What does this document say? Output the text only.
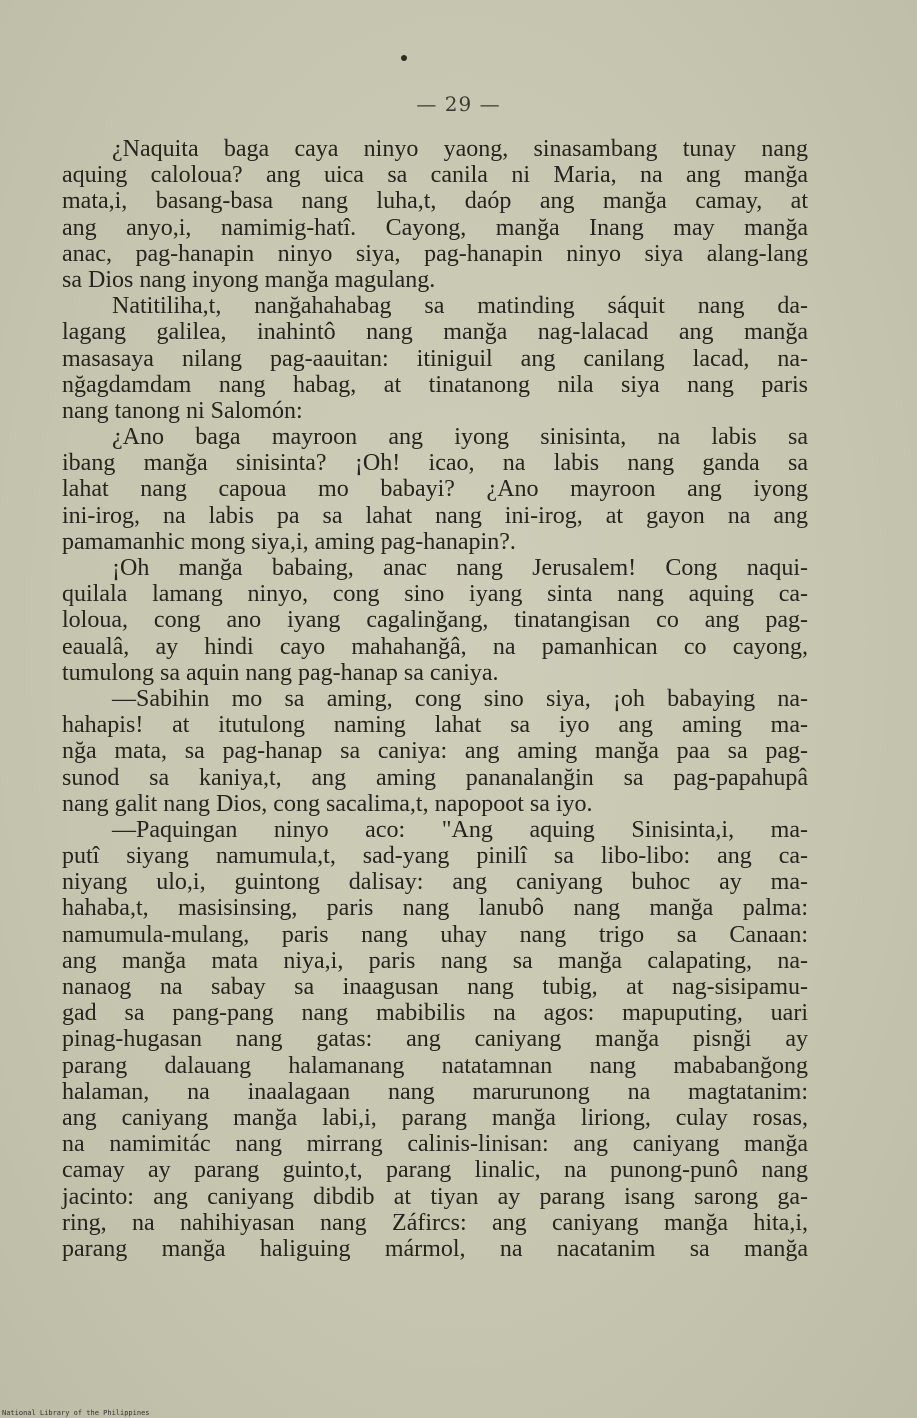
— 29 —
¿Naquita baga caya ninyo yaong, sinasambang tunay nang
aquing caloloua? ang uica sa canila ni Maria, na ang manğa
mata,i, basang-basa nang luha,t, daóp ang manğa camay, at
ang anyo,i, namimig-hatî. Cayong, manğa Inang may manğa
anac, pag-hanapin ninyo siya, pag-hanapin ninyo siya alang-lang
sa Dios nang inyong manğa magulang.
Natitiliha,t, nanğahahabag sa matinding sáquit nang da-
lagang galilea, inahintô nang manğa nag-lalacad ang manğa
masasaya nilang pag-aauitan: itiniguil ang canilang lacad, na-
nğagdamdam nang habag, at tinatanong nila siya nang paris
nang tanong ni Salomón:
¿Ano baga mayroon ang iyong sinisinta, na labis sa
ibang manğa sinisinta? ¡Oh! icao, na labis nang ganda sa
lahat nang capoua mo babayi? ¿Ano mayroon ang iyong
ini-irog, na labis pa sa lahat nang ini-irog, at gayon na ang
pamamanhic mong siya,i, aming pag-hanapin?.
¡Oh manğa babaing, anac nang Jerusalem! Cong naqui-
quilala lamang ninyo, cong sino iyang sinta nang aquing ca-
loloua, cong ano iyang cagalinğang, tinatangisan co ang pag-
eaualâ, ay hindi cayo mahahanğâ, na pamanhican co cayong,
tumulong sa aquin nang pag-hanap sa caniya.
—Sabihin mo sa aming, cong sino siya, ¡oh babaying na-
hahapis! at itutulong naming lahat sa iyo ang aming ma-
nğa mata, sa pag-hanap sa caniya: ang aming manğa paa sa pag-
sunod sa kaniya,t, ang aming pananalanğin sa pag-papahupâ
nang galit nang Dios, cong sacalima,t, napopoot sa iyo.
—Paquingan ninyo aco: "Ang aquing Sinisinta,i, ma-
putî siyang namumula,t, sad-yang pinilî sa libo-libo: ang ca-
niyang ulo,i, guintong dalisay: ang caniyang buhoc ay ma-
hahaba,t, masisinsing, paris nang lanubô nang manğa palma:
namumula-mulang, paris nang uhay nang trigo sa Canaan:
ang manğa mata niya,i, paris nang sa manğa calapating, na-
nanaog na sabay sa inaagusan nang tubig, at nag-sisipamu-
gad sa pang-pang nang mabibilis na agos: mapuputing, uari
pinag-hugasan nang gatas: ang caniyang manğa pisnği ay
parang dalauang halamanang natatamnan nang mababanğong
halaman, na inaalagaan nang marurunong na magtatanim:
ang caniyang manğa labi,i, parang manğa liriong, culay rosas,
na namimitác nang mirrang calinis-linisan: ang caniyang manğa
camay ay parang guinto,t, parang linalic, na punong-punô nang
jacinto: ang caniyang dibdib at tiyan ay parang isang sarong ga-
ring, na nahihiyasan nang Záfircs: ang caniyang manğa hita,i,
parang manğa haliguing mármol, na nacatanim sa manğa
National Library of the Philippines
